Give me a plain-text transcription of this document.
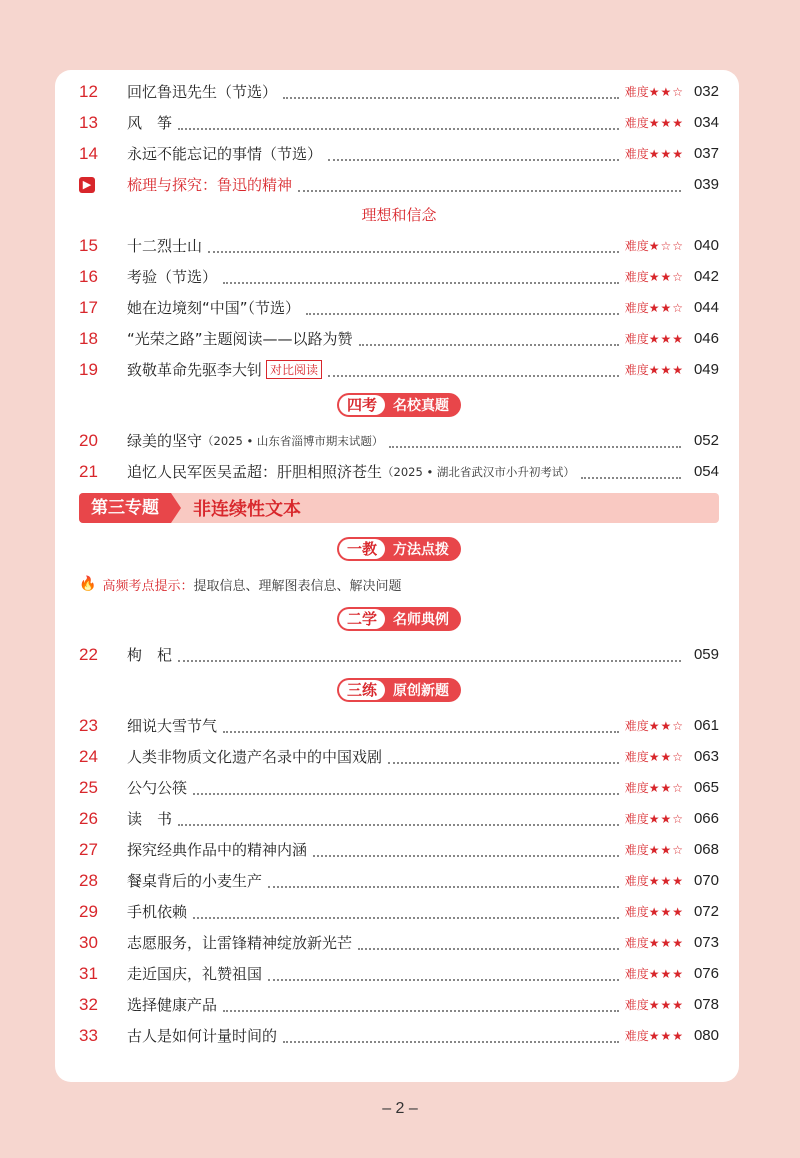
12	回忆鲁迅先生（节选）	难度 ★★☆ 032
13	风　筝	难度 ★★★ 034
14	永远不能忘记的事情（节选）	难度 ★★★ 037
▶ 梳理与探究：鲁迅的精神	039
理想和信念
15	十二烈士山	难度 ★☆☆ 040
16	考验（节选）	难度 ★★☆ 042
17	她在边境刻“中国”（节选）	难度 ★★☆ 044
18	“光荣之路”主题阅读——以路为赞	难度 ★★★ 046
19	致敬革命先驱李大钊 对比阅读	难度 ★★★ 049
四考	名校真题
20	绿美的坚守 （2025 • 山东省淄博市期末试题）	052
21	追忆人民军医吴孟超：肝胆相照济苍生 （2025 • 湖北省武汉市小升初考试）	054
第三专题	非连续性文本
一教	方法点拨
🔥 高频考点提示： 提取信息、理解图表信息、解决问题
二学	名师典例
22	枸　杞	059
三练	原创新题
23	细说大雪节气	难度 ★★☆ 061
24	人类非物质文化遗产名录中的中国戏剧	难度 ★★☆ 063
25	公勺公筷	难度 ★★☆ 065
26	读　书	难度 ★★☆ 066
27	探究经典作品中的精神内涵	难度 ★★☆ 068
28	餐桌背后的小麦生产	难度 ★★★ 070
29	手机依赖	难度 ★★★ 072
30	志愿服务，让雷锋精神绽放新光芒	难度 ★★★ 073
31	走近国庆，礼赞祖国	难度 ★★★ 076
32	选择健康产品	难度 ★★★ 078
33	古人是如何计量时间的	难度 ★★★ 080
– 2 –
